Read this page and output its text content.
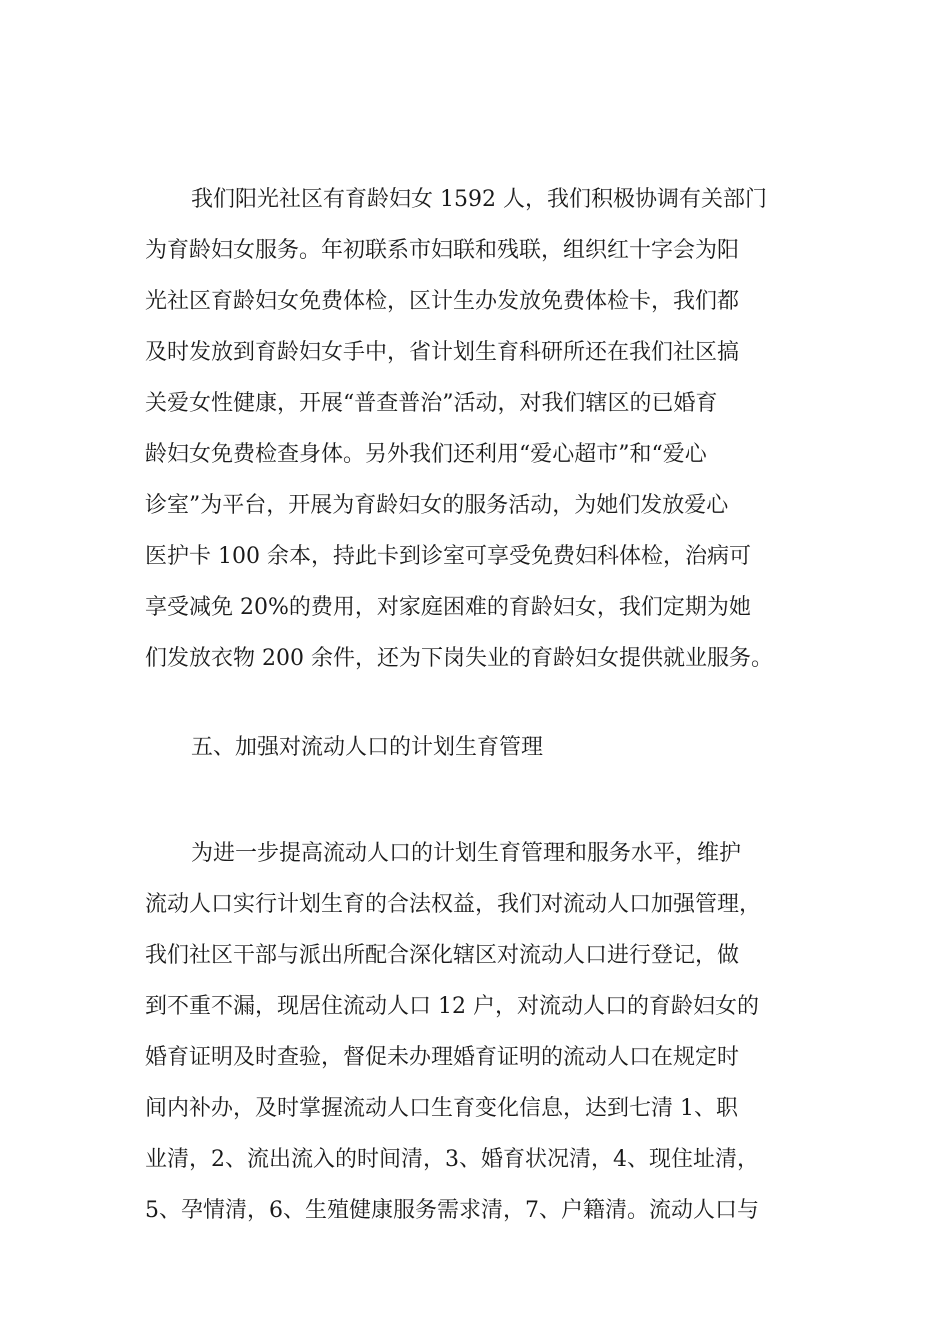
我们阳光社区有育龄妇女 1592 人，我们积极协调有关部门
为育龄妇女服务。年初联系市妇联和残联，组织红十字会为阳
光社区育龄妇女免费体检，区计生办发放免费体检卡，我们都
及时发放到育龄妇女手中，省计划生育科研所还在我们社区搞
关爱女性健康，开展“普查普治”活动，对我们辖区的已婚育
龄妇女免费检查身体。另外我们还利用“爱心超市”和“爱心
诊室”为平台，开展为育龄妇女的服务活动，为她们发放爱心
医护卡 100 余本，持此卡到诊室可享受免费妇科体检，治病可
享受减免 20%的费用，对家庭困难的育龄妇女，我们定期为她
们发放衣物 200 余件，还为下岗失业的育龄妇女提供就业服务。
五、加强对流动人口的计划生育管理
为进一步提高流动人口的计划生育管理和服务水平，维护
流动人口实行计划生育的合法权益，我们对流动人口加强管理，
我们社区干部与派出所配合深化辖区对流动人口进行登记，做
到不重不漏，现居住流动人口 12 户，对流动人口的育龄妇女的
婚育证明及时查验，督促未办理婚育证明的流动人口在规定时
间内补办，及时掌握流动人口生育变化信息，达到七清 1、职
业清，2、流出流入的时间清，3、婚育状况清，4、现住址清，
5、孕情清，6、生殖健康服务需求清，7、户籍清。流动人口与
